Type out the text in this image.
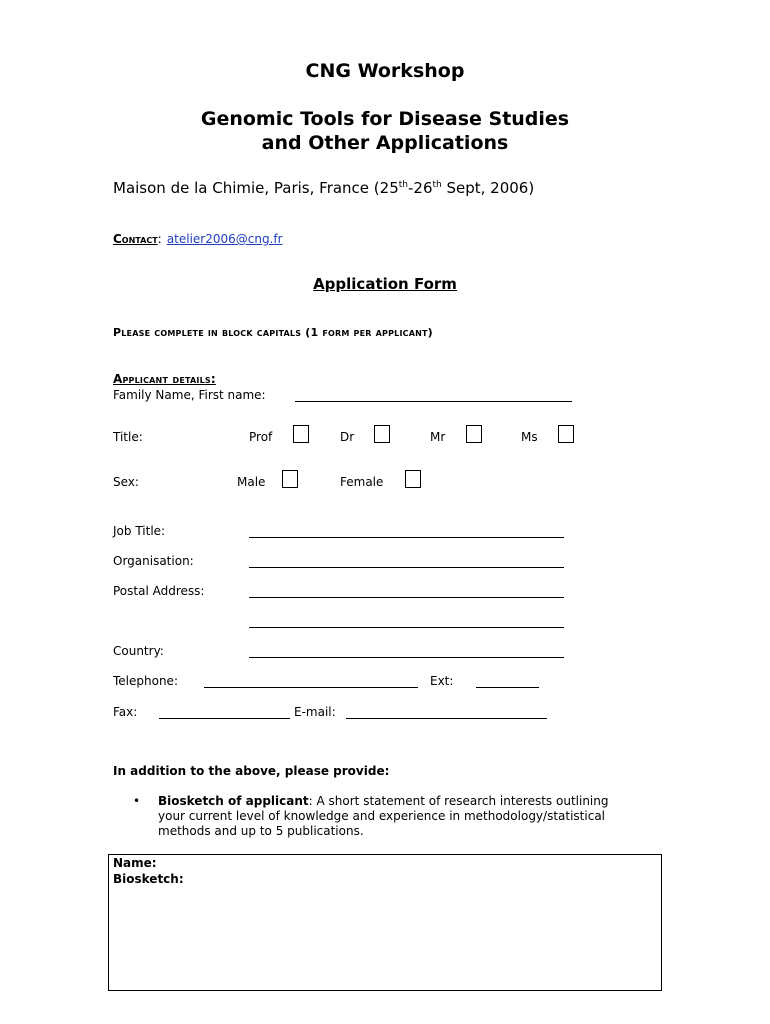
CNG Workshop
Genomic Tools for Disease Studies
and Other Applications
Maison de la Chimie, Paris, France (25th-26th Sept, 2006)
Contact: atelier2006@cng.fr
Application Form
Please complete in block capitals (1 form per applicant)
Applicant details:
Family Name, First name:
Title:	Prof	Dr	Mr	Ms
Sex:	Male	Female
Job Title:
Organisation:
Postal Address:
Country:
Telephone:	Ext:
Fax:	E-mail:
In addition to the above, please provide:
• Biosketch of applicant: A short statement of research interests outlining your current level of knowledge and experience in methodology/statistical methods and up to 5 publications.
Name:
Biosketch:
